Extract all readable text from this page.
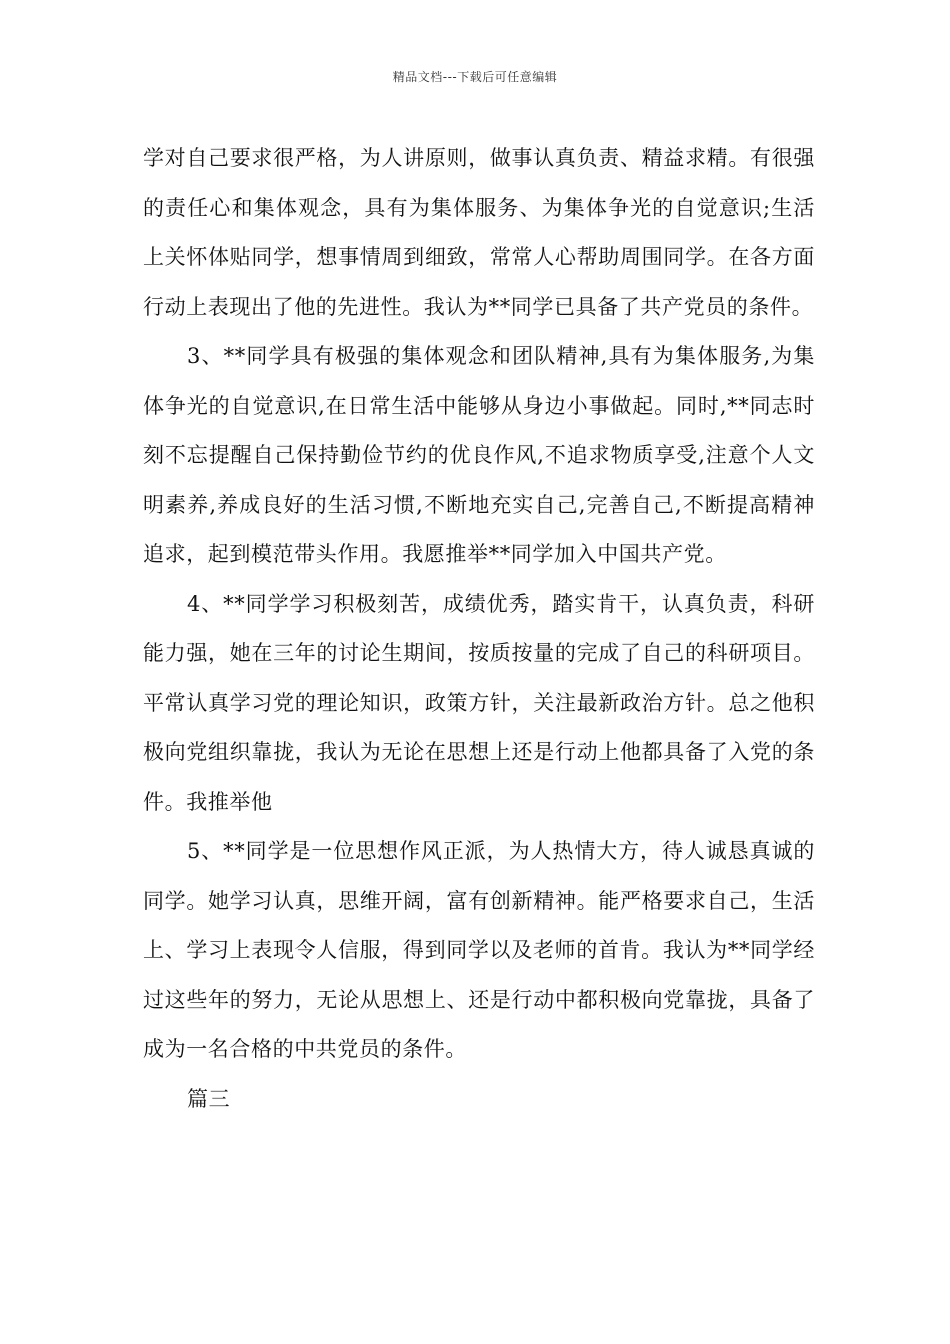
精品文档---下载后可任意编辑

学对自己要求很严格，为人讲原则，做事认真负责、精益求精。有很强的责任心和集体观念，具有为集体服务、为集体争光的自觉意识;生活上关怀体贴同学，想事情周到细致，常常人心帮助周围同学。在各方面行动上表现出了他的先进性。我认为**同学已具备了共产党员的条件。

3、**同学具有极强的集体观念和团队精神,具有为集体服务,为集体争光的自觉意识,在日常生活中能够从身边小事做起。同时,**同志时刻不忘提醒自己保持勤俭节约的优良作风,不追求物质享受,注意个人文明素养,养成良好的生活习惯,不断地充实自己,完善自己,不断提高精神追求，起到模范带头作用。我愿推举**同学加入中国共产党。

4、**同学学习积极刻苦，成绩优秀，踏实肯干，认真负责，科研能力强，她在三年的讨论生期间，按质按量的完成了自己的科研项目。平常认真学习党的理论知识，政策方针，关注最新政治方针。总之他积极向党组织靠拢，我认为无论在思想上还是行动上他都具备了入党的条件。我推举他

5、**同学是一位思想作风正派，为人热情大方，待人诚恳真诚的同学。她学习认真，思维开阔，富有创新精神。能严格要求自己，生活上、学习上表现令人信服，得到同学以及老师的首肯。我认为**同学经过这些年的努力，无论从思想上、还是行动中都积极向党靠拢，具备了成为一名合格的中共党员的条件。

篇三
